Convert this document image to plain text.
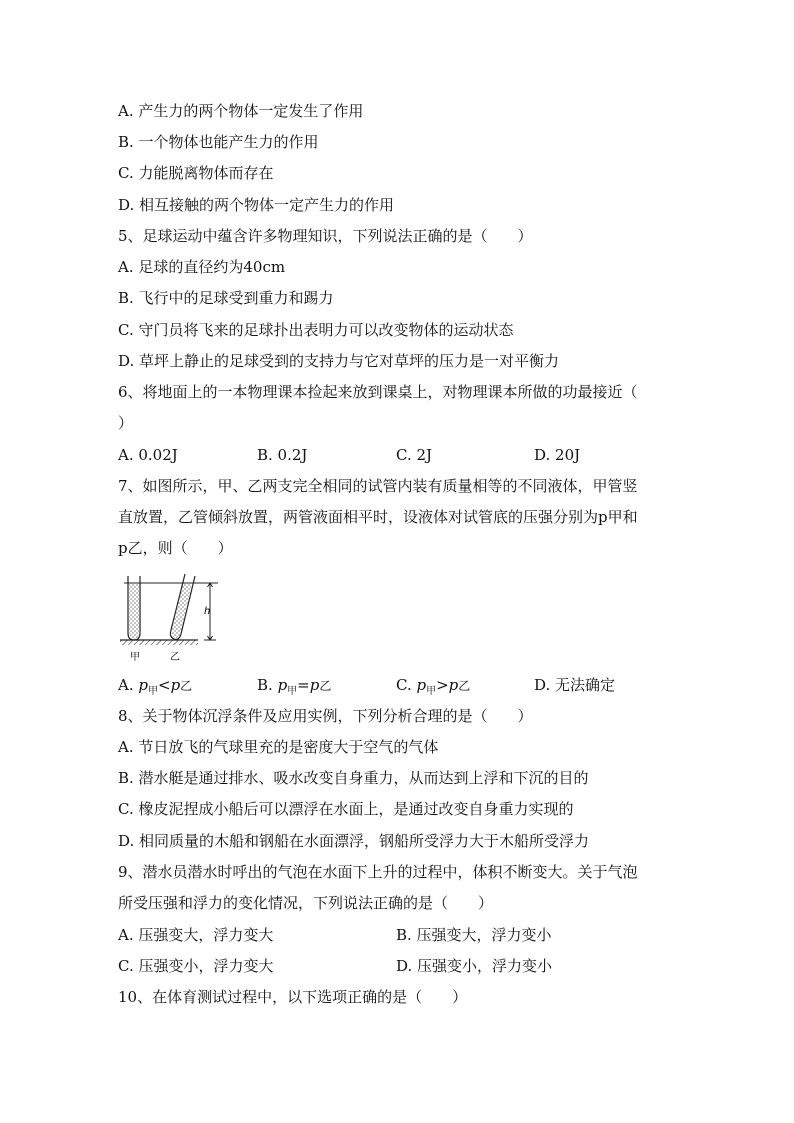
A. 产生力的两个物体一定发生了作用
B. 一个物体也能产生力的作用
C. 力能脱离物体而存在
D. 相互接触的两个物体一定产生力的作用
5、足球运动中蕴含许多物理知识，下列说法正确的是（　　）
A. 足球的直径约为40cm
B. 飞行中的足球受到重力和踢力
C. 守门员将飞来的足球扑出表明力可以改变物体的运动状态
D. 草坪上静止的足球受到的支持力与它对草坪的压力是一对平衡力
6、将地面上的一本物理课本捡起来放到课桌上，对物理课本所做的功最接近（
）
A. 0.02J	B. 0.2J	C. 2J	D. 20J
7、如图所示，甲、乙两支完全相同的试管内装有质量相等的不同液体，甲管竖
直放置，乙管倾斜放置，两管液面相平时，设液体对试管底的压强分别为p甲和
p乙，则（　　）
h
甲	乙
A. $p_甲<p$乙	B. $p_甲=p$乙	C. $p_甲>p$乙	D. 无法确定
8、关于物体沉浮条件及应用实例，下列分析合理的是（　　）
A. 节日放飞的气球里充的是密度大于空气的气体
B. 潜水艇是通过排水、吸水改变自身重力，从而达到上浮和下沉的目的
C. 橡皮泥捏成小船后可以漂浮在水面上，是通过改变自身重力实现的
D. 相同质量的木船和钢船在水面漂浮，钢船所受浮力大于木船所受浮力
9、潜水员潜水时呼出的气泡在水面下上升的过程中，体积不断变大。关于气泡
所受压强和浮力的变化情况，下列说法正确的是（　　）
A. 压强变大，浮力变大	B. 压强变大，浮力变小
C. 压强变小，浮力变大	D. 压强变小，浮力变小
10、在体育测试过程中，以下选项正确的是（　　）
